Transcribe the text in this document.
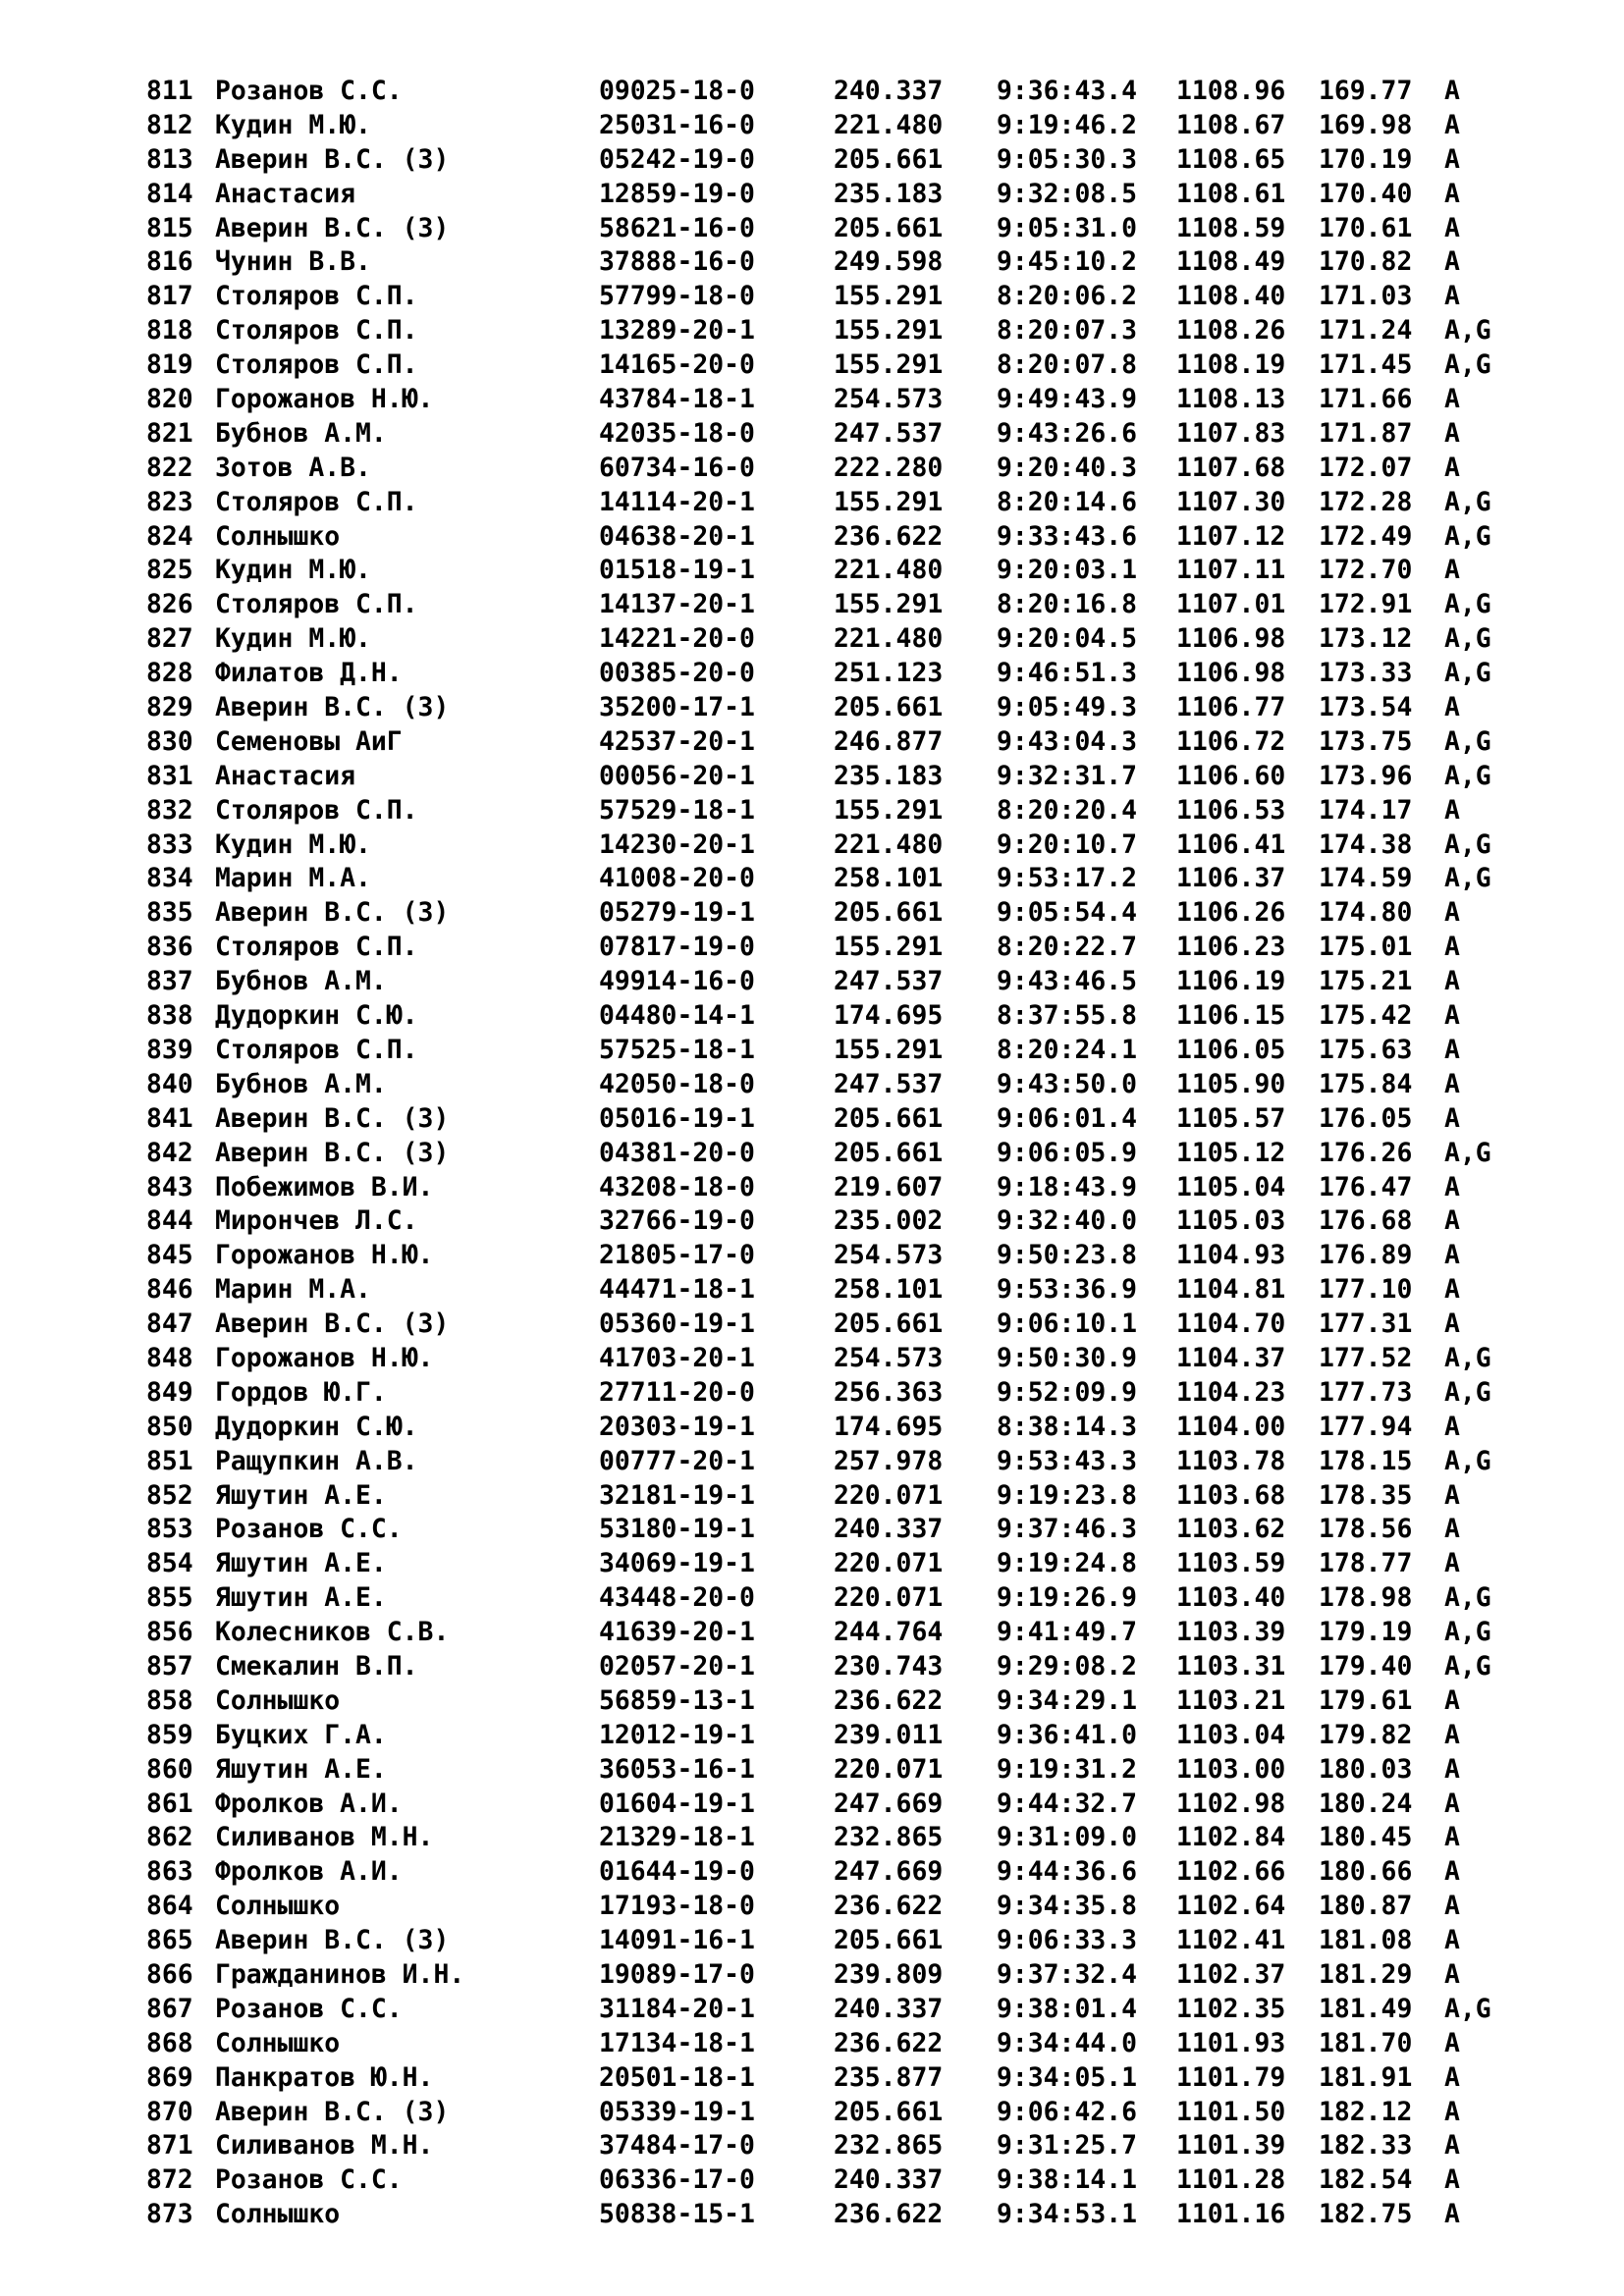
811 Розанов С.С.	09025-18-0	240.337 9:36:43.4 1108.96 169.77 A
812 Кудин М.Ю.	25031-16-0	221.480 9:19:46.2 1108.67 169.98 A
813 Аверин В.С. (З)	05242-19-0	205.661 9:05:30.3 1108.65 170.19 A
814 Анастасия	12859-19-0	235.183 9:32:08.5 1108.61 170.40 A
815 Аверин В.С. (З)	58621-16-0	205.661 9:05:31.0 1108.59 170.61 A
816 Чунин В.В.	37888-16-0	249.598 9:45:10.2 1108.49 170.82 A
817 Столяров С.П.	57799-18-0	155.291 8:20:06.2 1108.40 171.03 A
818 Столяров С.П.	13289-20-1	155.291 8:20:07.3 1108.26 171.24 A,G
819 Столяров С.П.	14165-20-0	155.291 8:20:07.8 1108.19 171.45 A,G
820 Горожанов Н.Ю.	43784-18-1	254.573 9:49:43.9 1108.13 171.66 A
821 Бубнов А.М.	42035-18-0	247.537 9:43:26.6 1107.83 171.87 A
822 Зотов А.В.	60734-16-0	222.280 9:20:40.3 1107.68 172.07 A
823 Столяров С.П.	14114-20-1	155.291 8:20:14.6 1107.30 172.28 A,G
824 Солнышко	04638-20-1	236.622 9:33:43.6 1107.12 172.49 A,G
825 Кудин М.Ю.	01518-19-1	221.480 9:20:03.1 1107.11 172.70 A
826 Столяров С.П.	14137-20-1	155.291 8:20:16.8 1107.01 172.91 A,G
827 Кудин М.Ю.	14221-20-0	221.480 9:20:04.5 1106.98 173.12 A,G
828 Филатов Д.Н.	00385-20-0	251.123 9:46:51.3 1106.98 173.33 A,G
829 Аверин В.С. (З)	35200-17-1	205.661 9:05:49.3 1106.77 173.54 A
830 Семеновы АиГ	42537-20-1	246.877 9:43:04.3 1106.72 173.75 A,G
831 Анастасия	00056-20-1	235.183 9:32:31.7 1106.60 173.96 A,G
832 Столяров С.П.	57529-18-1	155.291 8:20:20.4 1106.53 174.17 A
833 Кудин М.Ю.	14230-20-1	221.480 9:20:10.7 1106.41 174.38 A,G
834 Марин М.А.	41008-20-0	258.101 9:53:17.2 1106.37 174.59 A,G
835 Аверин В.С. (З)	05279-19-1	205.661 9:05:54.4 1106.26 174.80 A
836 Столяров С.П.	07817-19-0	155.291 8:20:22.7 1106.23 175.01 A
837 Бубнов А.М.	49914-16-0	247.537 9:43:46.5 1106.19 175.21 A
838 Дудоркин С.Ю.	04480-14-1	174.695 8:37:55.8 1106.15 175.42 A
839 Столяров С.П.	57525-18-1	155.291 8:20:24.1 1106.05 175.63 A
840 Бубнов А.М.	42050-18-0	247.537 9:43:50.0 1105.90 175.84 A
841 Аверин В.С. (З)	05016-19-1	205.661 9:06:01.4 1105.57 176.05 A
842 Аверин В.С. (З)	04381-20-0	205.661 9:06:05.9 1105.12 176.26 A,G
843 Побежимов В.И.	43208-18-0	219.607 9:18:43.9 1105.04 176.47 A
844 Мирончев Л.С.	32766-19-0	235.002 9:32:40.0 1105.03 176.68 A
845 Горожанов Н.Ю.	21805-17-0	254.573 9:50:23.8 1104.93 176.89 A
846 Марин М.А.	44471-18-1	258.101 9:53:36.9 1104.81 177.10 A
847 Аверин В.С. (З)	05360-19-1	205.661 9:06:10.1 1104.70 177.31 A
848 Горожанов Н.Ю.	41703-20-1	254.573 9:50:30.9 1104.37 177.52 A,G
849 Гордов Ю.Г.	27711-20-0	256.363 9:52:09.9 1104.23 177.73 A,G
850 Дудоркин С.Ю.	20303-19-1	174.695 8:38:14.3 1104.00 177.94 A
851 Ращупкин А.В.	00777-20-1	257.978 9:53:43.3 1103.78 178.15 A,G
852 Яшутин А.Е.	32181-19-1	220.071 9:19:23.8 1103.68 178.35 A
853 Розанов С.С.	53180-19-1	240.337 9:37:46.3 1103.62 178.56 A
854 Яшутин А.Е.	34069-19-1	220.071 9:19:24.8 1103.59 178.77 A
855 Яшутин А.Е.	43448-20-0	220.071 9:19:26.9 1103.40 178.98 A,G
856 Колесников С.В.	41639-20-1	244.764 9:41:49.7 1103.39 179.19 A,G
857 Смекалин В.П.	02057-20-1	230.743 9:29:08.2 1103.31 179.40 A,G
858 Солнышко	56859-13-1	236.622 9:34:29.1 1103.21 179.61 A
859 Буцких Г.А.	12012-19-1	239.011 9:36:41.0 1103.04 179.82 A
860 Яшутин А.Е.	36053-16-1	220.071 9:19:31.2 1103.00 180.03 A
861 Фролков А.И.	01604-19-1	247.669 9:44:32.7 1102.98 180.24 A
862 Силиванов М.Н.	21329-18-1	232.865 9:31:09.0 1102.84 180.45 A
863 Фролков А.И.	01644-19-0	247.669 9:44:36.6 1102.66 180.66 A
864 Солнышко	17193-18-0	236.622 9:34:35.8 1102.64 180.87 A
865 Аверин В.С. (З)	14091-16-1	205.661 9:06:33.3 1102.41 181.08 A
866 Гражданинов И.Н.	19089-17-0	239.809 9:37:32.4 1102.37 181.29 A
867 Розанов С.С.	31184-20-1	240.337 9:38:01.4 1102.35 181.49 A,G
868 Солнышко	17134-18-1	236.622 9:34:44.0 1101.93 181.70 A
869 Панкратов Ю.Н.	20501-18-1	235.877 9:34:05.1 1101.79 181.91 A
870 Аверин В.С. (З)	05339-19-1	205.661 9:06:42.6 1101.50 182.12 A
871 Силиванов М.Н.	37484-17-0	232.865 9:31:25.7 1101.39 182.33 A
872 Розанов С.С.	06336-17-0	240.337 9:38:14.1 1101.28 182.54 A
873 Солнышко	50838-15-1	236.622 9:34:53.1 1101.16 182.75 A
